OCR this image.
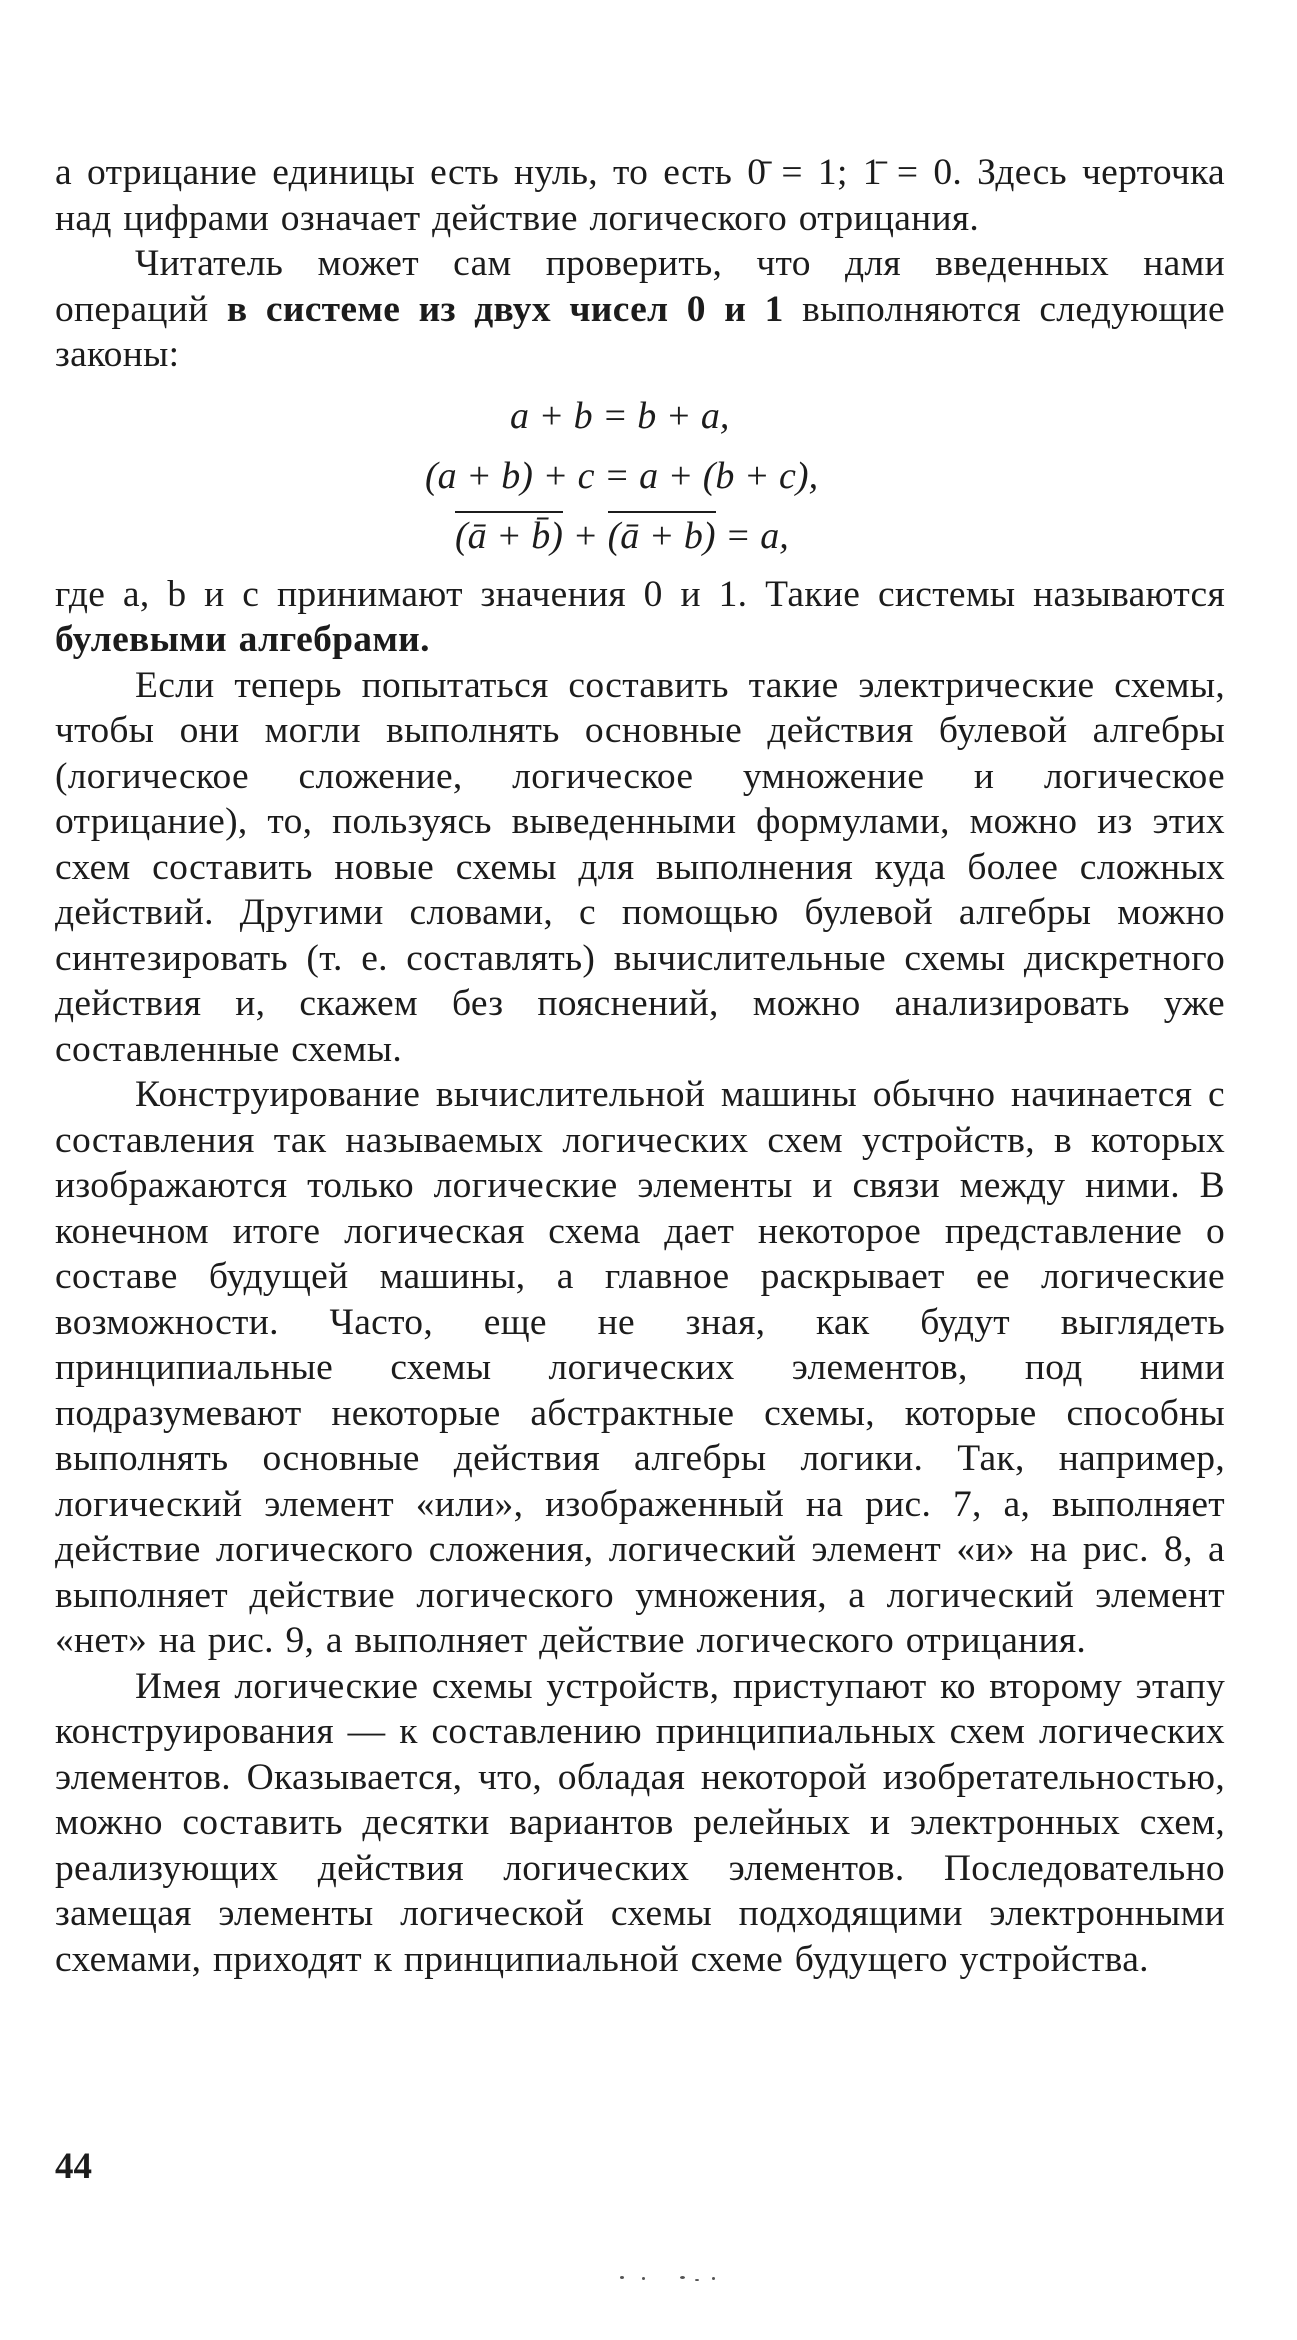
а отрицание единицы есть нуль, то есть 0̄ = 1; 1̄ = 0. Здесь черточка над цифрами означает действие логического отрицания.

Читатель может сам проверить, что для введенных нами операций в системе из двух чисел 0 и 1 выполняются следующие законы:

a + b = b + a,
(a + b) + c = a + (b + c),
(ā + b̄) + (ā + b) = a,

где a, b и c принимают значения 0 и 1. Такие системы называются булевыми алгебрами.

Если теперь попытаться составить такие электрические схемы, чтобы они могли выполнять основные действия булевой алгебры (логическое сложение, логическое умножение и логическое отрицание), то, пользуясь выведенными формулами, можно из этих схем составить новые схемы для выполнения куда более сложных действий. Другими словами, с помощью булевой алгебры можно синтезировать (т. е. составлять) вычислительные схемы дискретного действия и, скажем без пояснений, можно анализировать уже составленные схемы.

Конструирование вычислительной машины обычно начинается с составления так называемых логических схем устройств, в которых изображаются только логические элементы и связи между ними. В конечном итоге логическая схема дает некоторое представление о составе будущей машины, а главное раскрывает ее логические возможности. Часто, еще не зная, как будут выглядеть принципиальные схемы логических элементов, под ними подразумевают некоторые абстрактные схемы, которые способны выполнять основные действия алгебры логики. Так, например, логический элемент «или», изображенный на рис. 7, a, выполняет действие логического сложения, логический элемент «и» на рис. 8, a выполняет действие логического умножения, а логический элемент «нет» на рис. 9, a выполняет действие логического отрицания.

Имея логические схемы устройств, приступают ко второму этапу конструирования — к составлению принципиальных схем логических элементов. Оказывается, что, обладая некоторой изобретательностью, можно составить десятки вариантов релейных и электронных схем, реализующих действия логических элементов. Последовательно замещая элементы логической схемы подходящими электронными схемами, приходят к принципиальной схеме будущего устройства.

44
